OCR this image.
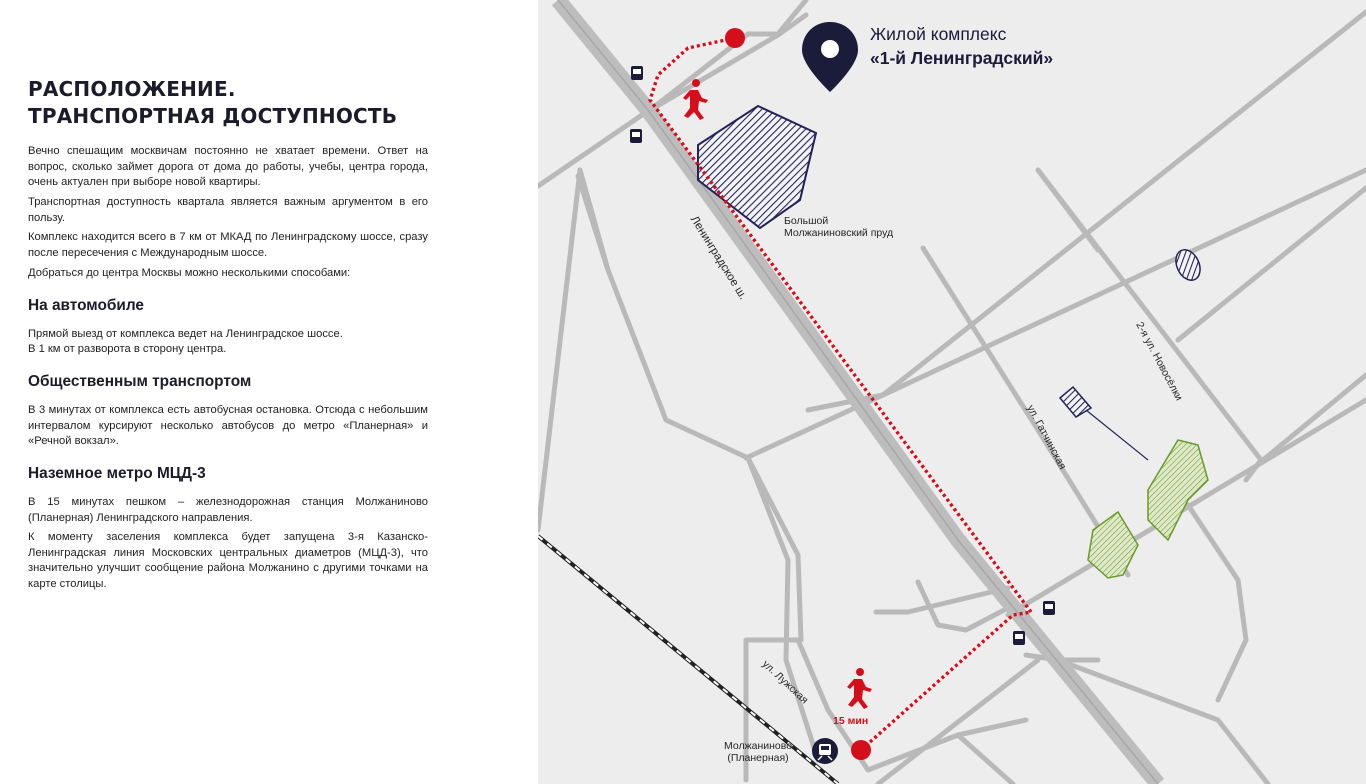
РАСПОЛОЖЕНИЕ.
ТРАНСПОРТНАЯ ДОСТУПНОСТЬ

Вечно спешащим москвичам постоянно не хватает времени. Ответ на вопрос, сколько займет дорога от дома до работы, учебы, центра города, очень актуален при выборе новой квартиры.

Транспортная доступность квартала является важным аргументом в его пользу.

Комплекс находится всего в 7 км от МКАД по Ленинградскому шоссе, сразу после пересечения с Международным шоссе.

Добраться до центра Москвы можно несколькими способами:

На автомобиле

Прямой выезд от комплекса ведет на Ленинградское шоссе.

В 1 км от разворота в сторону центра.

Общественным транспортом

В 3 минутах от комплекса есть автобусная остановка. Отсюда с небольшим интервалом курсируют несколько автобусов до метро «Планерная» и «Речной вокзал».

Наземное метро МЦД-3

В 15 минутах пешком – железнодорожная станция Молжаниново (Планерная) Ленинградского направления.

К моменту заселения комплекса будет запущена 3-я Казанско-Ленинградская линия Московских центральных диаметров (МЦД-3), что значительно улучшит сообщение района Молжанино с другими точками на карте столицы.

Жилой комплекс
«1-й Ленинградский»
Ленинградское ш.	Большой
Молжаниновский пруд
2-я ул. Новосёлки
ул. Гатчинская
ул. Лужская
Молжаниново
(Планерная)
15 мин
